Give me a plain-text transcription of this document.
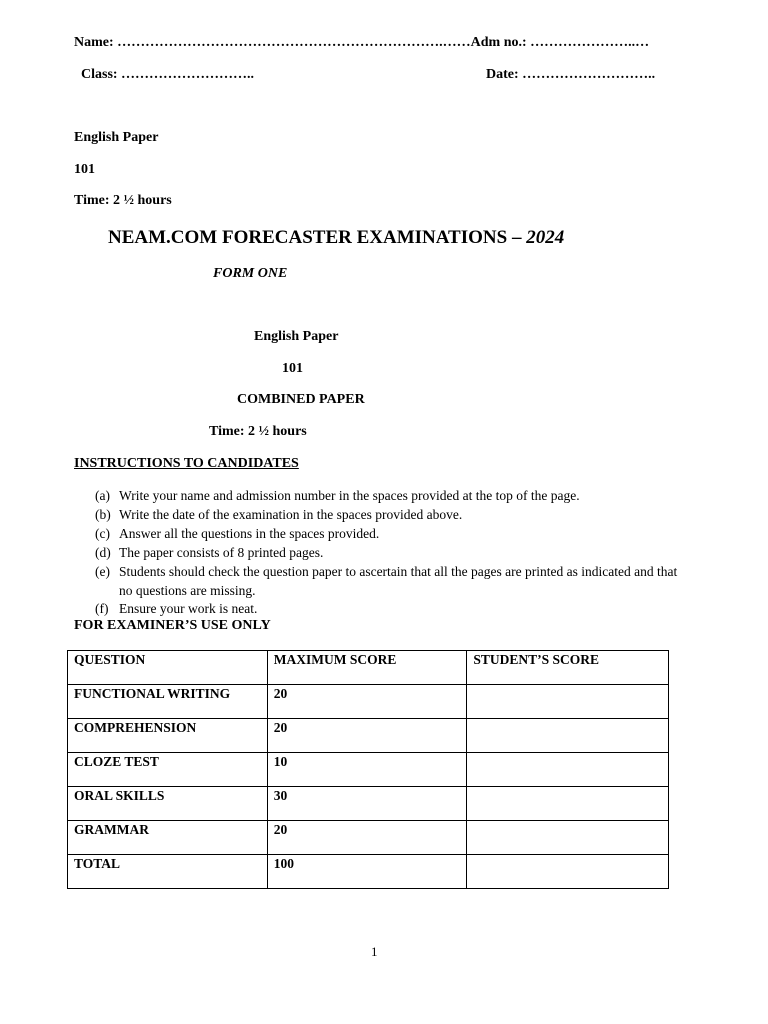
Name: …………………………………………………………….……Adm no.: …………………..…
Class: ………………………..	Date: ………………………..
English Paper
101
Time: 2 ½ hours
NEAM.COM FORECASTER EXAMINATIONS – 2024
FORM ONE
English Paper
101
COMBINED PAPER
Time: 2 ½ hours
INSTRUCTIONS TO CANDIDATES
(a) Write your name and admission number in the spaces provided at the top of the page.
(b) Write the date of the examination in the spaces provided above.
(c) Answer all the questions in the spaces provided.
(d) The paper consists of 8 printed pages.
(e) Students should check the question paper to ascertain that all the pages are printed as indicated and that no questions are missing.
(f) Ensure your work is neat.
FOR EXAMINER’S USE ONLY
QUESTION	MAXIMUM SCORE	STUDENT’S SCORE
FUNCTIONAL WRITING	20	
COMPREHENSION	20	
CLOZE TEST	10	
ORAL SKILLS	30	
GRAMMAR	20	
TOTAL	100	
1
